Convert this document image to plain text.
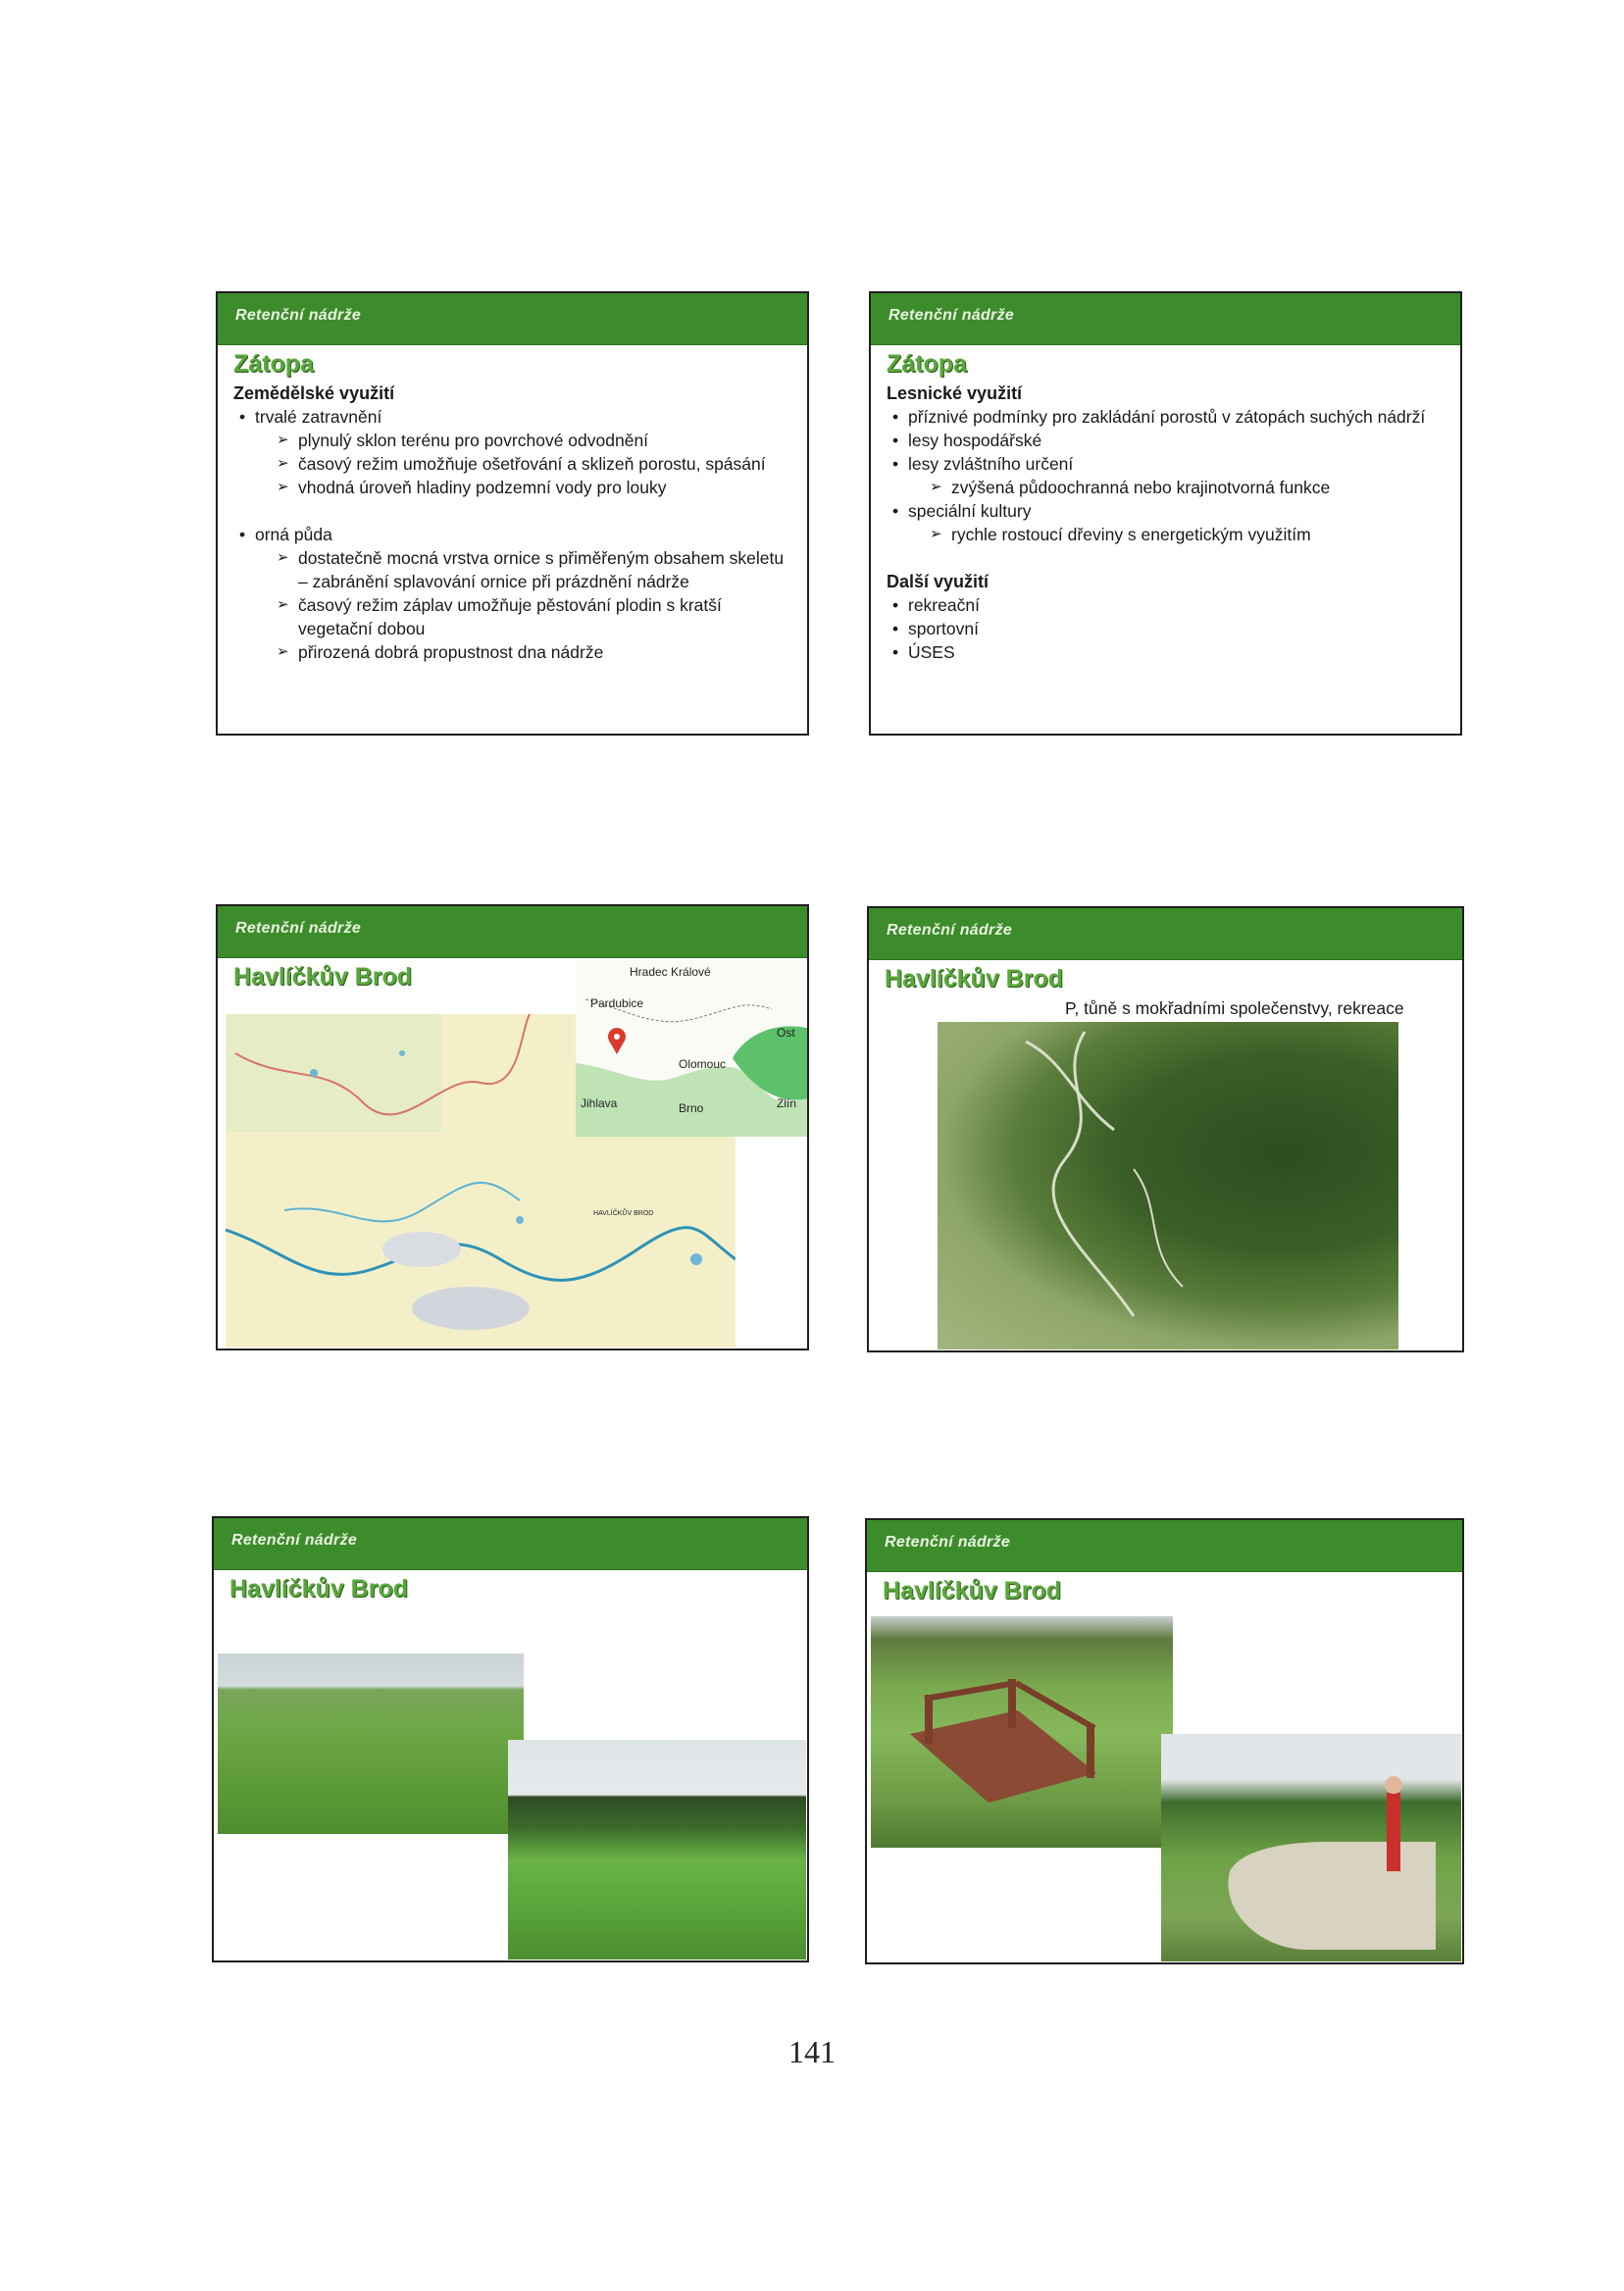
Retenční nádrže
Zátopa
Zemědělské využití
• trvalé zatravnění
➢ plynulý sklon terénu pro povrchové odvodnění
➢ časový režim umožňuje ošetřování a sklizeň porostu, spásání
➢ vhodná úroveň hladiny podzemní vody pro louky
• orná půda
➢ dostatečně mocná vrstva ornice s přiměřeným obsahem skeletu – zabránění splavování ornice při prázdnění nádrže
➢ časový režim záplav umožňuje pěstování plodin s kratší vegetační dobou
➢ přirozená dobrá propustnost dna nádrže
Retenční nádrže
Zátopa
Lesnické využití
• příznivé podmínky pro zakládání porostů v zátopách suchých nádrží
• lesy hospodářské
• lesy zvláštního určení
➢ zvýšená půdoochranná nebo krajinotvorná funkce
• speciální kultury
➢ rychle rostoucí dřeviny s energetickým využitím
Další využití
• rekreační
• sportovní
• ÚSES
Retenční nádrže
Havlíčkův Brod
HAVLÍČKŮV BROD
Hradec Králové
Pardubice
Olomouc
Ost
Jihlava	Brno	Zlín
Retenční nádrže
Havlíčkův Brod
P, tůně s mokřadními společenstvy, rekreace
Retenční nádrže
Havlíčkův Brod
Retenční nádrže
Havlíčkův Brod
141
